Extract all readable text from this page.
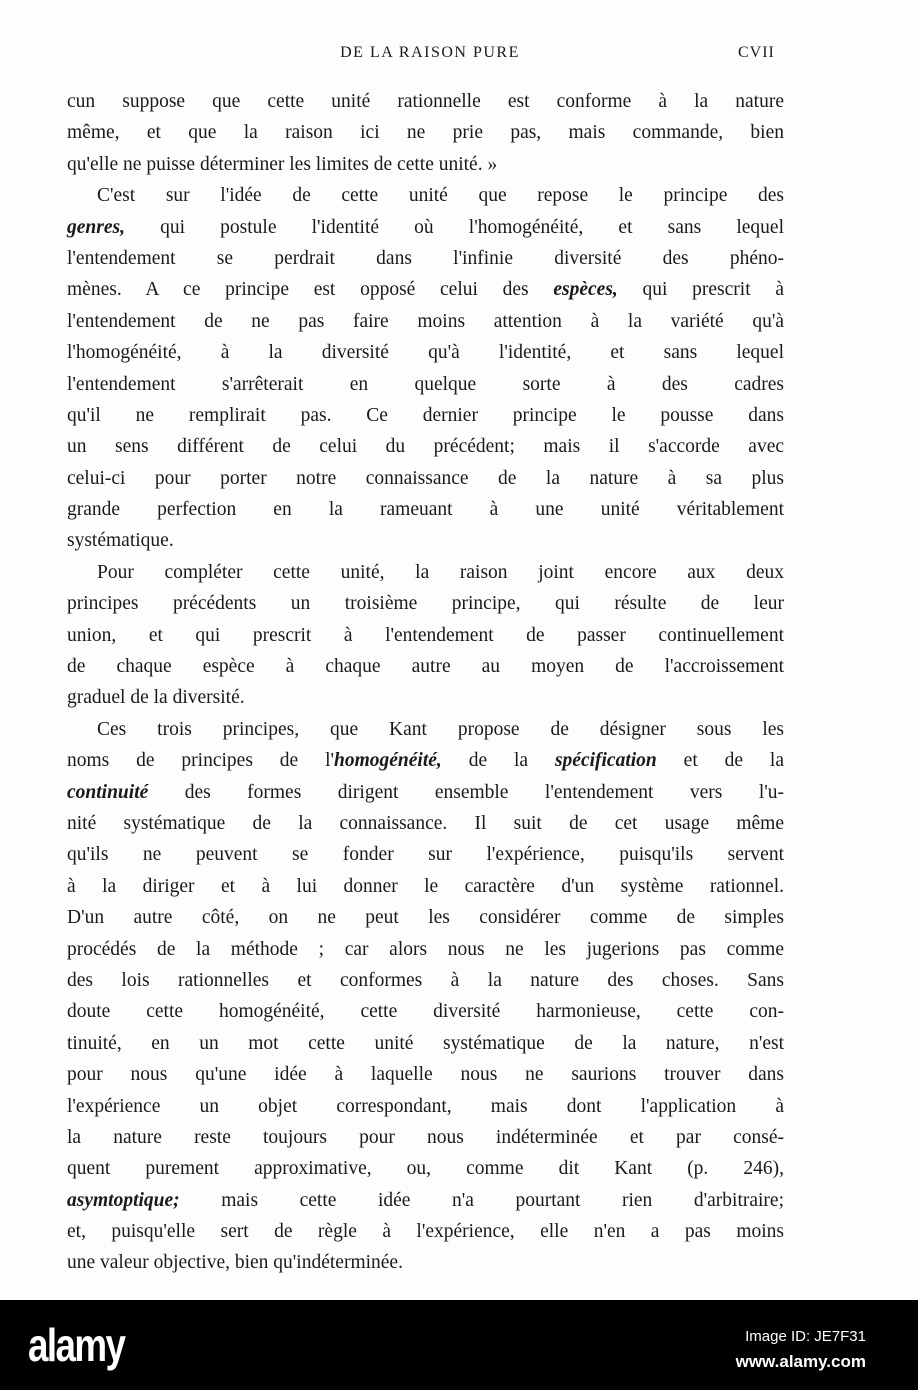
DE LA RAISON PURE	CVII
cun suppose que cette unité rationnelle est conforme à la nature
même, et que la raison ici ne prie pas, mais commande, bien
qu'elle ne puisse déterminer les limites de cette unité. »
C'est sur l'idée de cette unité que repose le principe des
genres, qui postule l'identité où l'homogénéité, et sans lequel
l'entendement se perdrait dans l'infinie diversité des phéno-
mènes. A ce principe est opposé celui des espèces, qui prescrit à
l'entendement de ne pas faire moins attention à la variété qu'à
l'homogénéité, à la diversité qu'à l'identité, et sans lequel
l'entendement s'arrêterait en quelque sorte à des cadres
qu'il ne remplirait pas. Ce dernier principe le pousse dans
un sens différent de celui du précédent; mais il s'accorde avec
celui-ci pour porter notre connaissance de la nature à sa plus
grande perfection en la rameuant à une unité véritablement
systématique.
Pour compléter cette unité, la raison joint encore aux deux
principes précédents un troisième principe, qui résulte de leur
union, et qui prescrit à l'entendement de passer continuellement
de chaque espèce à chaque autre au moyen de l'accroissement
graduel de la diversité.
Ces trois principes, que Kant propose de désigner sous les
noms de principes de l'homogénéité, de la spécification et de la
continuité des formes dirigent ensemble l'entendement vers l'u-
nité systématique de la connaissance. Il suit de cet usage même
qu'ils ne peuvent se fonder sur l'expérience, puisqu'ils servent
à la diriger et à lui donner le caractère d'un système rationnel.
D'un autre côté, on ne peut les considérer comme de simples
procédés de la méthode ; car alors nous ne les jugerions pas comme
des lois rationnelles et conformes à la nature des choses. Sans
doute cette homogénéité, cette diversité harmonieuse, cette con-
tinuité, en un mot cette unité systématique de la nature, n'est
pour nous qu'une idée à laquelle nous ne saurions trouver dans
l'expérience un objet correspondant, mais dont l'application à
la nature reste toujours pour nous indéterminée et par consé-
quent purement approximative, ou, comme dit Kant (p. 246),
asymtoptique; mais cette idée n'a pourtant rien d'arbitraire;
et, puisqu'elle sert de règle à l'expérience, elle n'en a pas moins
une valeur objective, bien qu'indéterminée.
alamy	Image ID: JE7F31
www.alamy.com
